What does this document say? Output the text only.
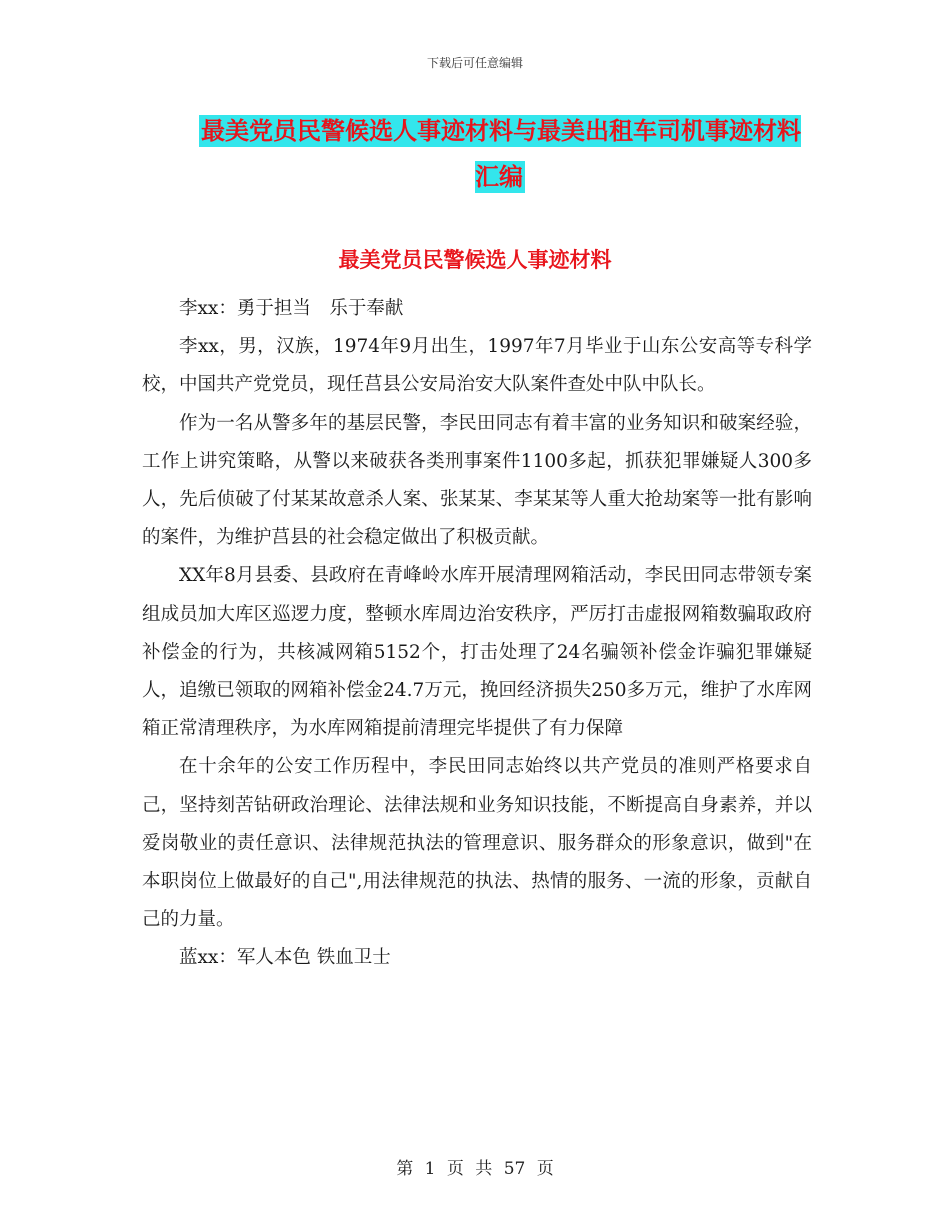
下载后可任意编辑
最美党员民警候选人事迹材料与最美出租车司机事迹材料汇编
最美党员民警候选人事迹材料

李xx：勇于担当　乐于奉献

李xx，男，汉族，1974年9月出生，1997年7月毕业于山东公安高等专科学校，中国共产党党员，现任莒县公安局治安大队案件查处中队中队长。

作为一名从警多年的基层民警，李民田同志有着丰富的业务知识和破案经验，工作上讲究策略，从警以来破获各类刑事案件1100多起，抓获犯罪嫌疑人300多人，先后侦破了付某某故意杀人案、张某某、李某某等人重大抢劫案等一批有影响的案件，为维护莒县的社会稳定做出了积极贡献。

XX年8月县委、县政府在青峰岭水库开展清理网箱活动，李民田同志带领专案组成员加大库区巡逻力度，整顿水库周边治安秩序，严厉打击虚报网箱数骗取政府补偿金的行为，共核减网箱5152个，打击处理了24名骗领补偿金诈骗犯罪嫌疑人，追缴已领取的网箱补偿金24.7万元，挽回经济损失250多万元，维护了水库网箱正常清理秩序，为水库网箱提前清理完毕提供了有力保障

在十余年的公安工作历程中，李民田同志始终以共产党员的准则严格要求自己，坚持刻苦钻研政治理论、法律法规和业务知识技能，不断提高自身素养，并以爱岗敬业的责任意识、法律规范执法的管理意识、服务群众的形象意识，做到"在本职岗位上做最好的自己",用法律规范的执法、热情的服务、一流的形象，贡献自己的力量。

蓝xx：军人本色 铁血卫士

第 1 页 共 57 页
